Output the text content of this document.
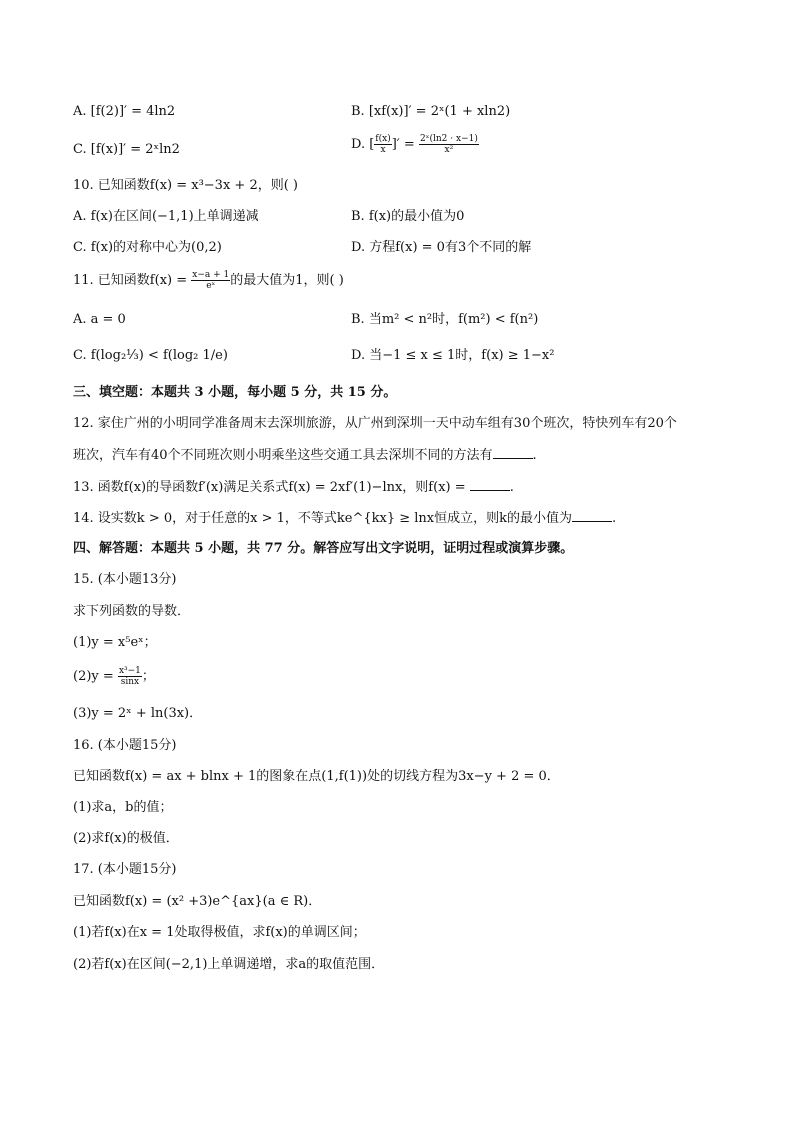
A. [f(2)]′ = 4ln2	B. [xf(x)]′ = 2ˣ(1 + xln2)
C. [f(x)]′ = 2ˣln2	D. [ $\frac{f(x)}{x}$ ]′ = $\frac{\text{2ˣ(ln2 · x−1)}}{\text{x²}}$
10. 已知函数f(x) = x³−3x + 2，则( )
A. f(x)在区间(−1,1)上单调递减	B. f(x)的最小值为0
C. f(x)的对称中心为(0,2)	D. 方程f(x) = 0有3个不同的解
11. 已知函数$f(x) = \frac{x-a + 1}{\text{eˣ}}$ 的最大值为1，则( )
A. a = 0	B. 当m² < n²时，f(m²) < f(n²)
C. f(log₂⅓) < f(log₂ 1/e)	D. 当−1 ≤ x ≤ 1时，f(x) ≥ 1−x²
三、填空题：本题共 3 小题，每小题 5 分，共 15 分。
12. 家住广州的小明同学准备周末去深圳旅游，从广州到深圳一天中动车组有30个班次，特快列车有20个
班次，汽车有40个不同班次则小明乘坐这些交通工具去深圳不同的方法有	.
13. 函数f(x)的导函数f′(x)满足关系式f(x) = 2xf′(1)−lnx，则f(x) =	.
14. 设实数k > 0，对于任意的x > 1，不等式ke^{kx} ≥ lnx恒成立，则k的最小值为	.
四、解答题：本题共 5 小题，共 77 分。解答应写出文字说明，证明过程或演算步骤。
15. (本小题13分)
求下列函数的导数．
(1)y = x⁵eˣ；
$(2)y = \frac{\text{x³−1}}{\sin x}$ ；
(3)y = 2ˣ + ln(3x)．
16. (本小题15分)
已知函数f(x) = ax + blnx + 1的图象在点(1,f(1))处的切线方程为3x−y + 2 = 0．
(1)求a，b的值；
(2)求f(x)的极值．
17. (本小题15分)
已知函数f(x) = (x² +3)e^{ax}(a ∈ R)．
(1)若f(x)在x = 1处取得极值，求f(x)的单调区间；
(2)若f(x)在区间(−2,1)上单调递增，求a的取值范围．
